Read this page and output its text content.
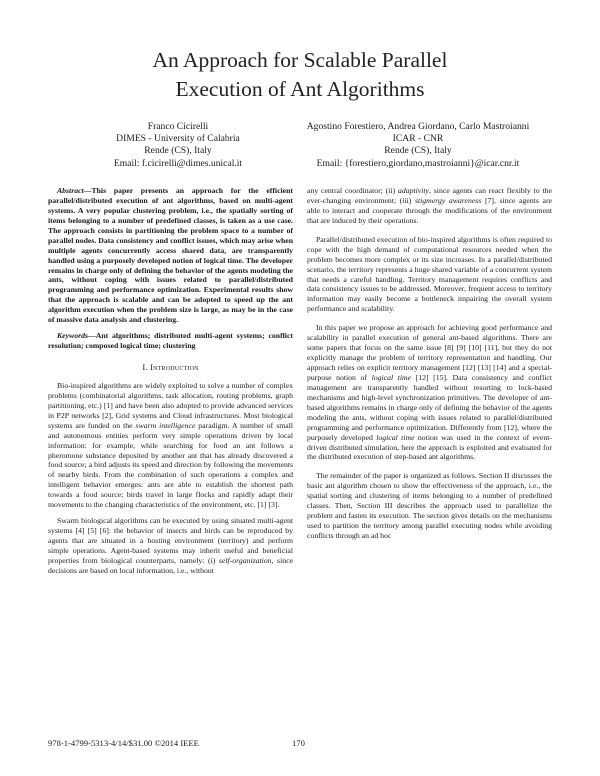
An Approach for Scalable Parallel
Execution of Ant Algorithms
Franco Cicirelli
DIMES - University of Calabria
Rende (CS), Italy
Email: f.cicirelli@dimes.unical.it
Agostino Forestiero, Andrea Giordano, Carlo Mastroianni
ICAR - CNR
Rende (CS), Italy
Email: {forestiero,giordano,mastroianni}@icar.cnr.it

Abstract—This paper presents an approach for the efficient parallel/distributed execution of ant algorithms, based on multi-agent systems. A very popular clustering problem, i.e., the spatially sorting of items belonging to a number of predefined classes, is taken as a use case. The approach consists in partitioning the problem space to a number of parallel nodes. Data consistency and conflict issues, which may arise when multiple agents concurrently access shared data, are transparently handled using a purposely developed notion of logical time. The developer remains in charge only of defining the behavior of the agents modeling the ants, without coping with issues related to parallel/distributed programming and performance optimization. Experimental results show that the approach is scalable and can be adopted to speed up the ant algorithm execution when the problem size is large, as may be in the case of massive data analysis and clustering.

Keywords—Ant algorithms; distributed multi-agent systems; conflict resolution; composed logical time; clustering

I. Introduction

Bio-inspired algorithms are widely exploited to solve a number of complex problems (combinatorial algorithms, task allocation, routing problems, graph partitioning, etc.) [1] and have been also adopted to provide advanced services in P2P networks [2], Grid systems and Cloud infrastructures. Most biological systems are funded on the swarm intelligence paradigm. A number of small and autonomous entities perform very simple operations driven by local information: for example, while searching for food an ant follows a pheromone substance deposited by another ant that has already discovered a food source; a bird adjusts its speed and direction by following the movements of nearby birds. From the combination of such operations a complex and intelligent behavior emerges: ants are able to establish the shortest path towards a food source; birds travel in large flocks and rapidly adapt their movements to the changing characteristics of the environment, etc. [1] [3].

Swarm biological algorithms can be executed by using situated multi-agent systems [4] [5] [6]: the behavior of insects and birds can be reproduced by agents that are situated in a hosting environment (territory) and perform simple operations. Agent-based systems may inherit useful and beneficial properties from biological counterparts, namely: (i) self-organization, since decisions are based on local information, i.e., without

any central coordinator; (ii) adaptivity, since agents can react flexibly to the ever-changing environment; (iii) stigmergy awareness [7], since agents are able to interact and cooperate through the modifications of the environment that are induced by their operations.

Parallel/distributed execution of bio-inspired algorithms is often required to cope with the high demand of computational resources needed when the problem becomes more complex or its size increases. In a parallel/distributed scenario, the territory represents a huge shared variable of a concurrent system that needs a careful handling. Territory management requires conflicts and data consistency issues to be addressed. Moreover, frequent access to territory information may easily become a bottleneck impairing the overall system performance and scalability.

In this paper we propose an approach for achieving good performance and scalability in parallel execution of general ant-based algorithms. There are some papers that focus on the same issue [8] [9] [10] [11], but they do not explicitly manage the problem of territory representation and handling. Our approach relies on explicit territory management [12] [13] [14] and a special-purpose notion of logical time [12] [15]. Data consistency and conflict management are transparently handled without resorting to lock-based mechanisms and high-level synchronization primitives. The developer of ant-based algorithms remains in charge only of defining the behavior of the agents modeling the ants, without coping with issues related to parallel/distributed programming and performance optimization. Differently from [12], where the purposely developed logical time notion was used in the context of event-driven distributed simulation, here the approach is exploited and evaluated for the distributed execution of step-based ant algorithms.

The remainder of the paper is organized as follows. Section II discusses the basic ant algorithm chosen to show the effectiveness of the approach, i.e., the spatial sorting and clustering of items belonging to a number of predefined classes. Then, Section III describes the approach used to parallelize the problem and fasten its execution. The section gives details on the mechanisms used to partition the territory among parallel executing nodes while avoiding conflicts through an ad hoc

978-1-4799-5313-4/14/$31.00 ©2014 IEEE	170
